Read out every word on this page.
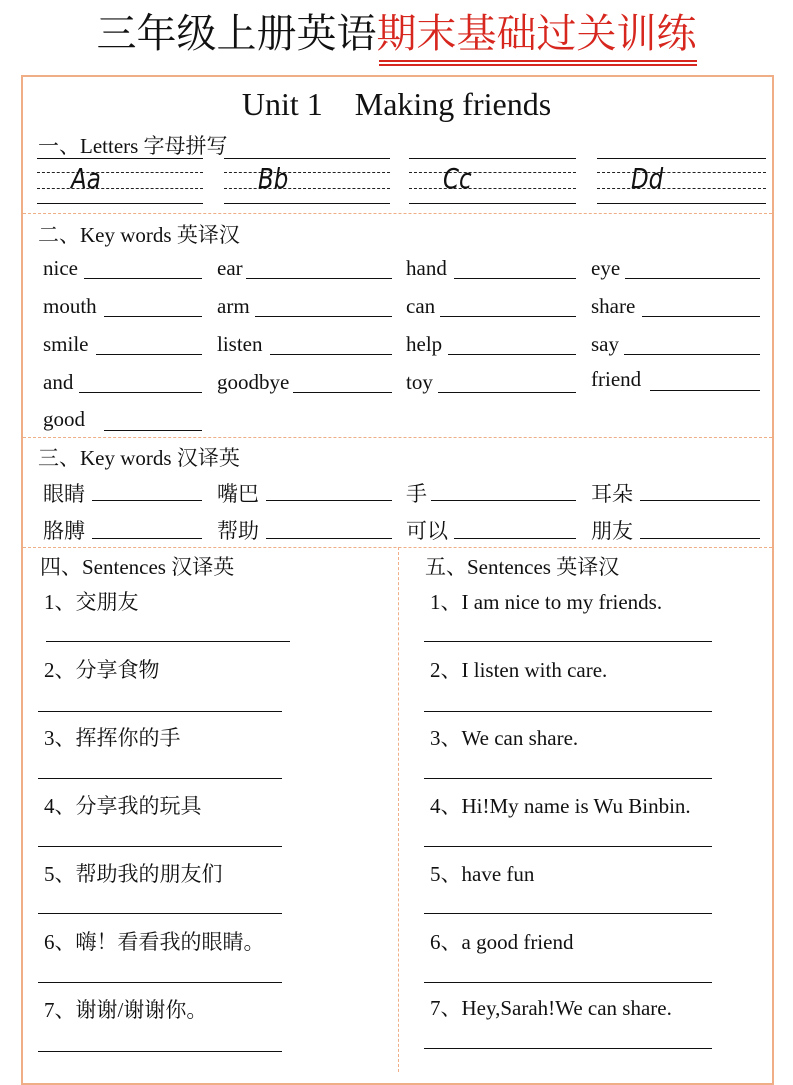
三年级上册英语 期末基础过关训练
Unit 1    Making friends
一、Letters 字母拼写
Aa	Bb	Cc	Dd
二、Key words 英译汉
nice	ear	hand	eye
mouth	arm	can	share
smile	listen	help	say
and	goodbye	toy	friend
good
三、Key words 汉译英
眼睛	嘴巴	手	耳朵
胳膊	帮助	可以	朋友
四、Sentences 汉译英
1、交朋友
2、分享食物
3、挥挥你的手
4、分享我的玩具
5、帮助我的朋友们
6、嗨！看看我的眼睛。
7、谢谢/谢谢你。
五、Sentences 英译汉
1、I am nice to my friends.
2、I listen with care.
3、We can share.
4、Hi!My name is Wu Binbin.
5、have fun
6、a good friend
7、Hey,Sarah!We can share.
